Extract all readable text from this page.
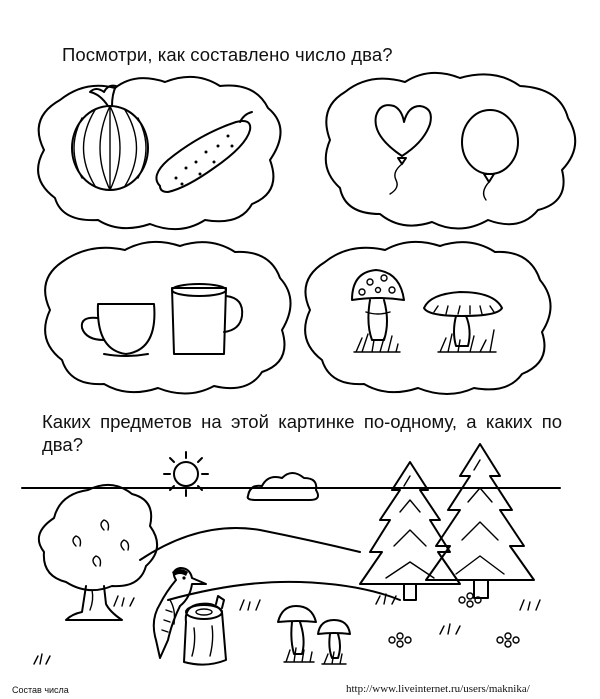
Посмотри, как составлено число два?
Каких предметов на этой картинке по-одному, а каких по два?
Состав числа	http://www.liveinternet.ru/users/maknika/
